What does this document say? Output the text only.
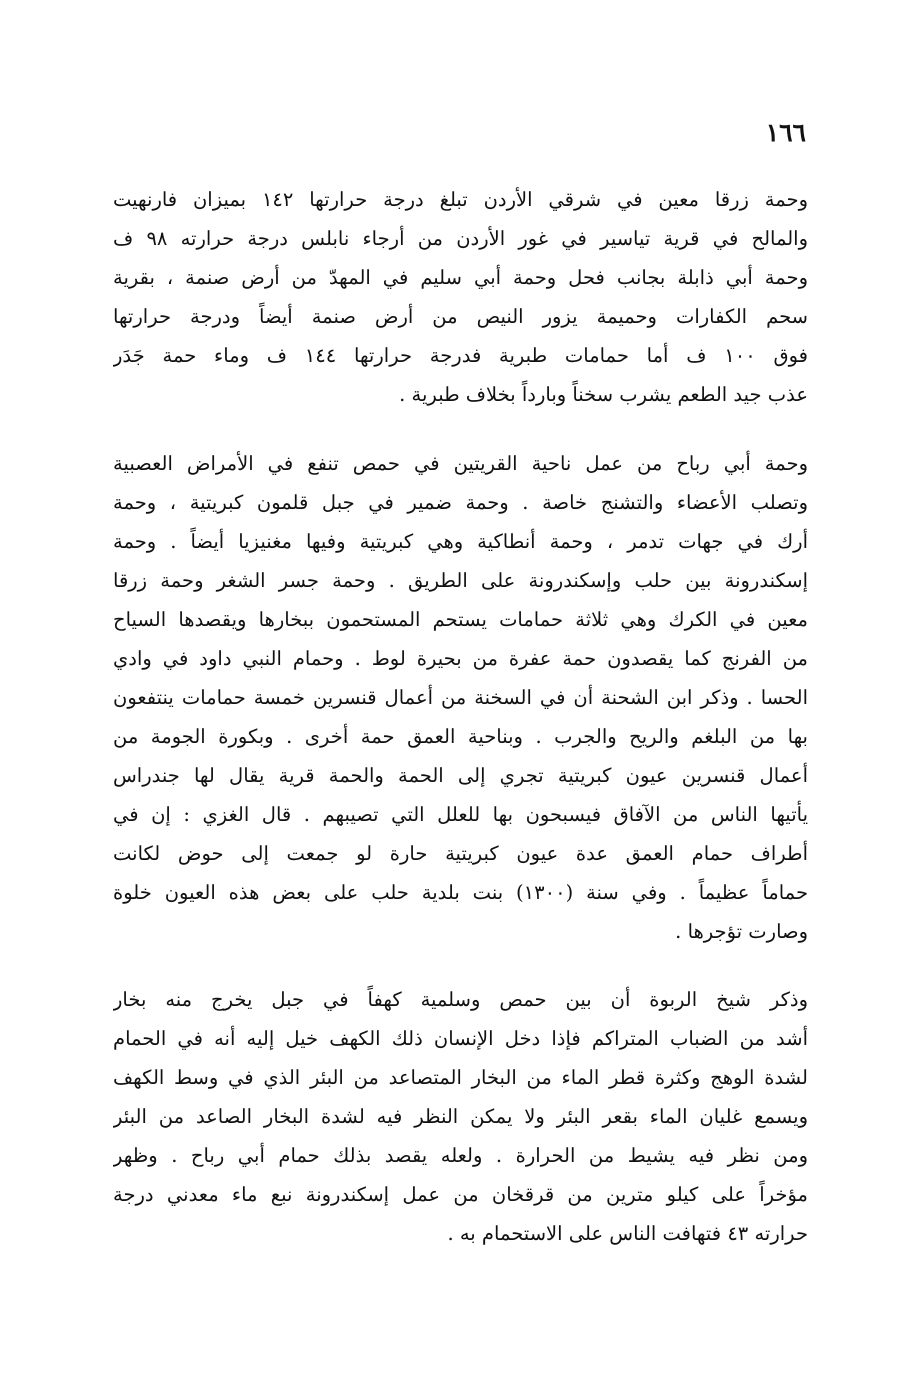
١٦٦
وحمة زرقا معين في شرقي الأردن تبلغ درجة حرارتها ١٤٢ بميزان فارنهيت
والمالح في قرية تياسير في غور الأردن من أرجاء نابلس درجة حرارته ٩٨ ف
وحمة أبي ذابلة بجانب فحل وحمة أبي سليم في المهدّ من أرض صنمة ، بقرية
سحم الكفارات وحميمة يزور النيص من أرض صنمة أيضاً ودرجة حرارتها
فوق ١٠٠ ف أما حمامات طبرية فدرجة حرارتها ١٤٤ ف وماء حمة جَدَر
عذب جيد الطعم يشرب سخناً وبارداً بخلاف طبرية .
وحمة أبي رباح من عمل ناحية القريتين في حمص تنفع في الأمراض العصبية
وتصلب الأعضاء والتشنج خاصة . وحمة ضمير في جبل قلمون كبريتية ، وحمة
أرك في جهات تدمر ، وحمة أنطاكية وهي كبريتية وفيها مغنيزيا أيضاً . وحمة
إسكندرونة بين حلب وإسكندرونة على الطريق . وحمة جسر الشغر وحمة زرقا
معين في الكرك وهي ثلاثة حمامات يستحم المستحمون ببخارها ويقصدها السياح
من الفرنج كما يقصدون حمة عفرة من بحيرة لوط . وحمام النبي داود في وادي
الحسا . وذكر ابن الشحنة أن في السخنة من أعمال قنسرين خمسة حمامات ينتفعون
بها من البلغم والريح والجرب . وبناحية العمق حمة أخرى . وبكورة الجومة من
أعمال قنسرين عيون كبريتية تجري إلى الحمة والحمة قرية يقال لها جندراس
يأتيها الناس من الآفاق فيسبحون بها للعلل التي تصيبهم . قال الغزي : إن في
أطراف حمام العمق عدة عيون كبريتية حارة لو جمعت إلى حوض لكانت
حماماً عظيماً . وفي سنة (١٣٠٠) بنت بلدية حلب على بعض هذه العيون خلوة
وصارت تؤجرها .
وذكر شيخ الربوة أن بين حمص وسلمية كهفاً في جبل يخرج منه بخار
أشد من الضباب المتراكم فإذا دخل الإنسان ذلك الكهف خيل إليه أنه في الحمام
لشدة الوهج وكثرة قطر الماء من البخار المتصاعد من البئر الذي في وسط الكهف
ويسمع غليان الماء بقعر البئر ولا يمكن النظر فيه لشدة البخار الصاعد من البئر
ومن نظر فيه يشيط من الحرارة . ولعله يقصد بذلك حمام أبي رباح . وظهر
مؤخراً على كيلو مترين من قرقخان من عمل إسكندرونة نبع ماء معدني درجة
حرارته ٤٣ فتهافت الناس على الاستحمام به .
